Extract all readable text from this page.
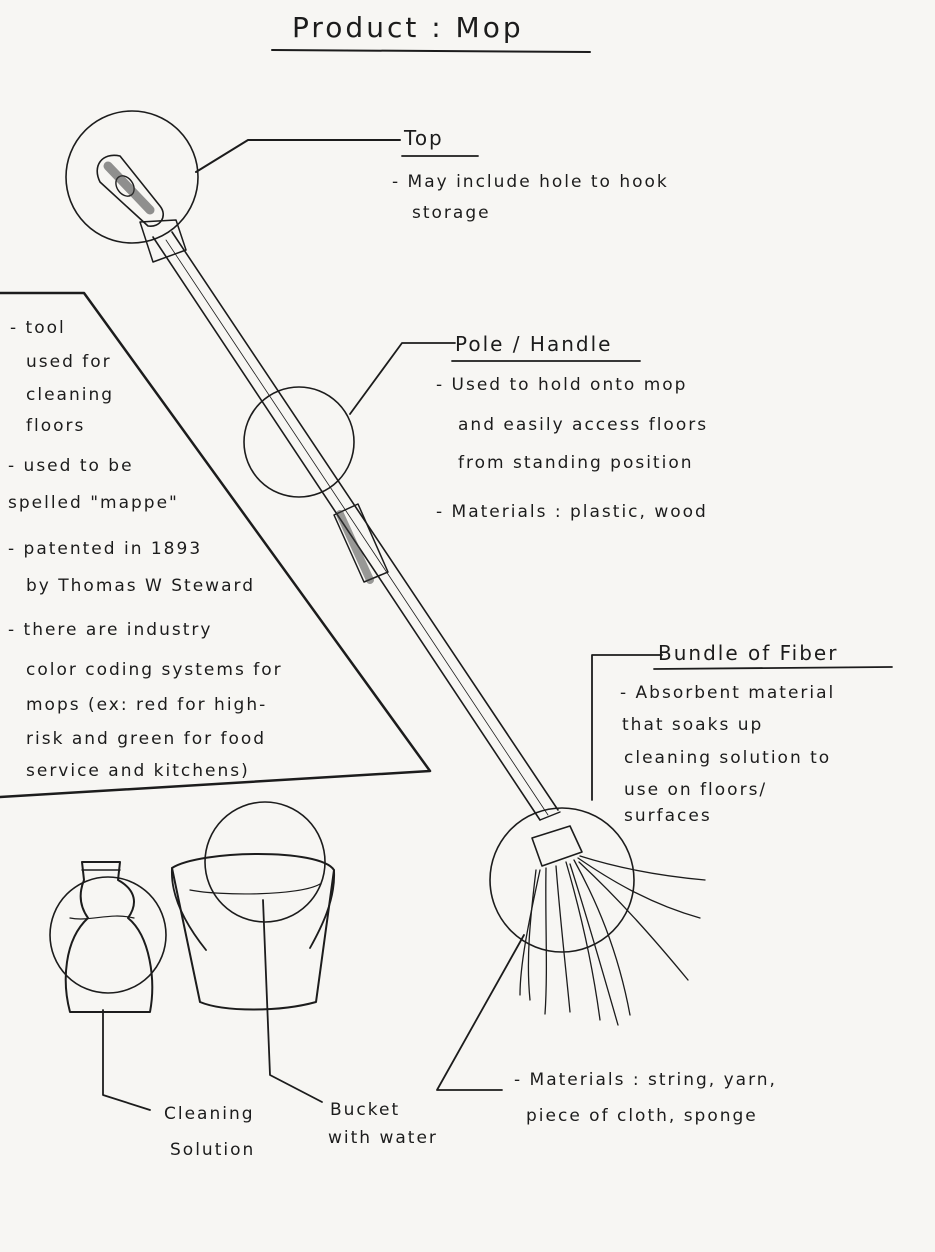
Product : Mop
Top
- May include hole to hook
storage
Pole / Handle
- Used to hold onto mop
and easily access floors
from standing position
- Materials : plastic, wood
Bundle of Fiber
- Absorbent material
that soaks up
cleaning solution to
use on floors/
surfaces
- Materials : string, yarn,
piece of cloth, sponge
Cleaning
Solution
Bucket
with water
- tool
used for
cleaning
floors
- used to be
spelled "mappe"
- patented in 1893
by Thomas W Steward
- there are industry
color coding systems for
mops (ex: red for high-
risk and green for food
service and kitchens)
